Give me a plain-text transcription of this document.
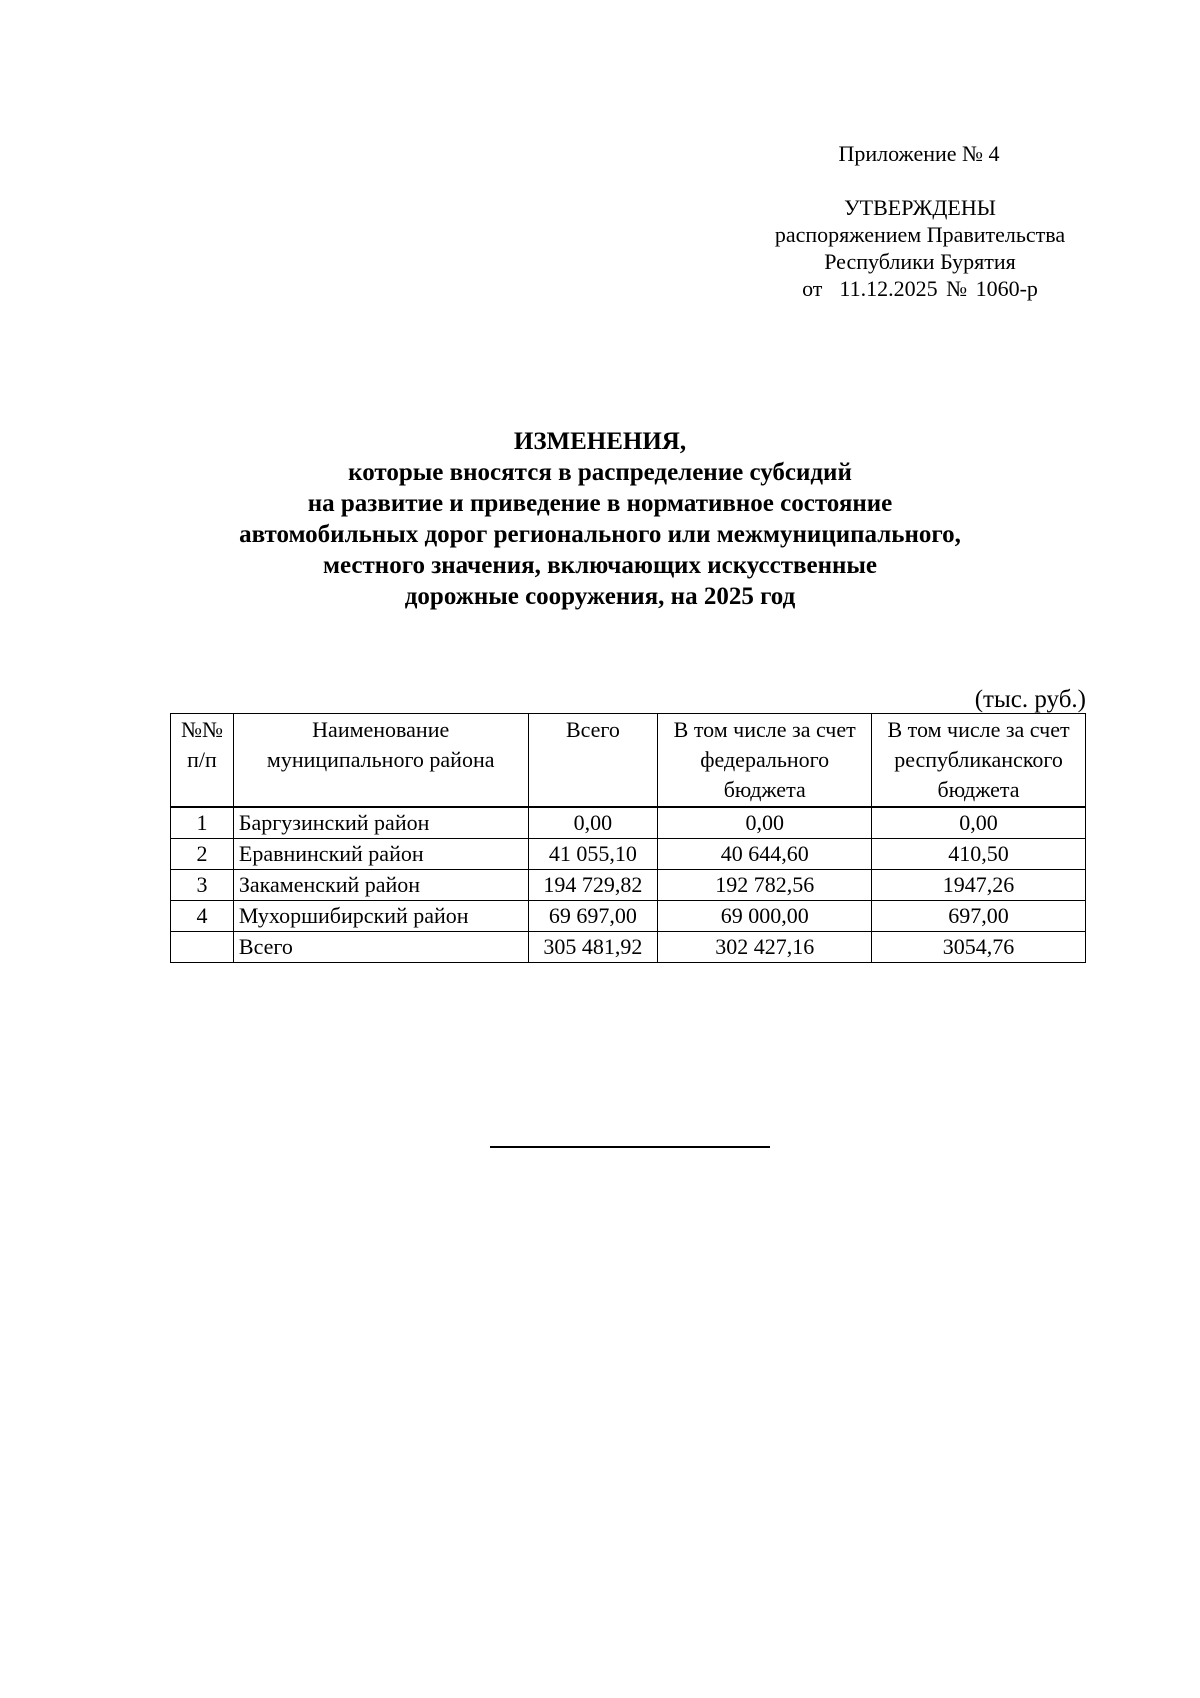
Приложение № 4
УТВЕРЖДЕНЫ
распоряжением Правительства
Республики Бурятия
от  11.12.2025 № 1060-р
ИЗМЕНЕНИЯ,
которые вносятся в распределение субсидий
на развитие и приведение в нормативное состояние
автомобильных дорог регионального или межмуниципального,
местного значения, включающих искусственные
дорожные сооружения, на 2025 год
(тыс. руб.)
№№ п/п	Наименование муниципального района	Всего	В том числе за счет федерального бюджета	В том числе за счет республиканского бюджета
1	Баргузинский район	0,00	0,00	0,00
2	Еравнинский район	41 055,10	40 644,60	410,50
3	Закаменский район	194 729,82	192 782,56	1947,26
4	Мухоршибирский район	69 697,00	69 000,00	697,00
	Всего	305 481,92	302 427,16	3054,76
